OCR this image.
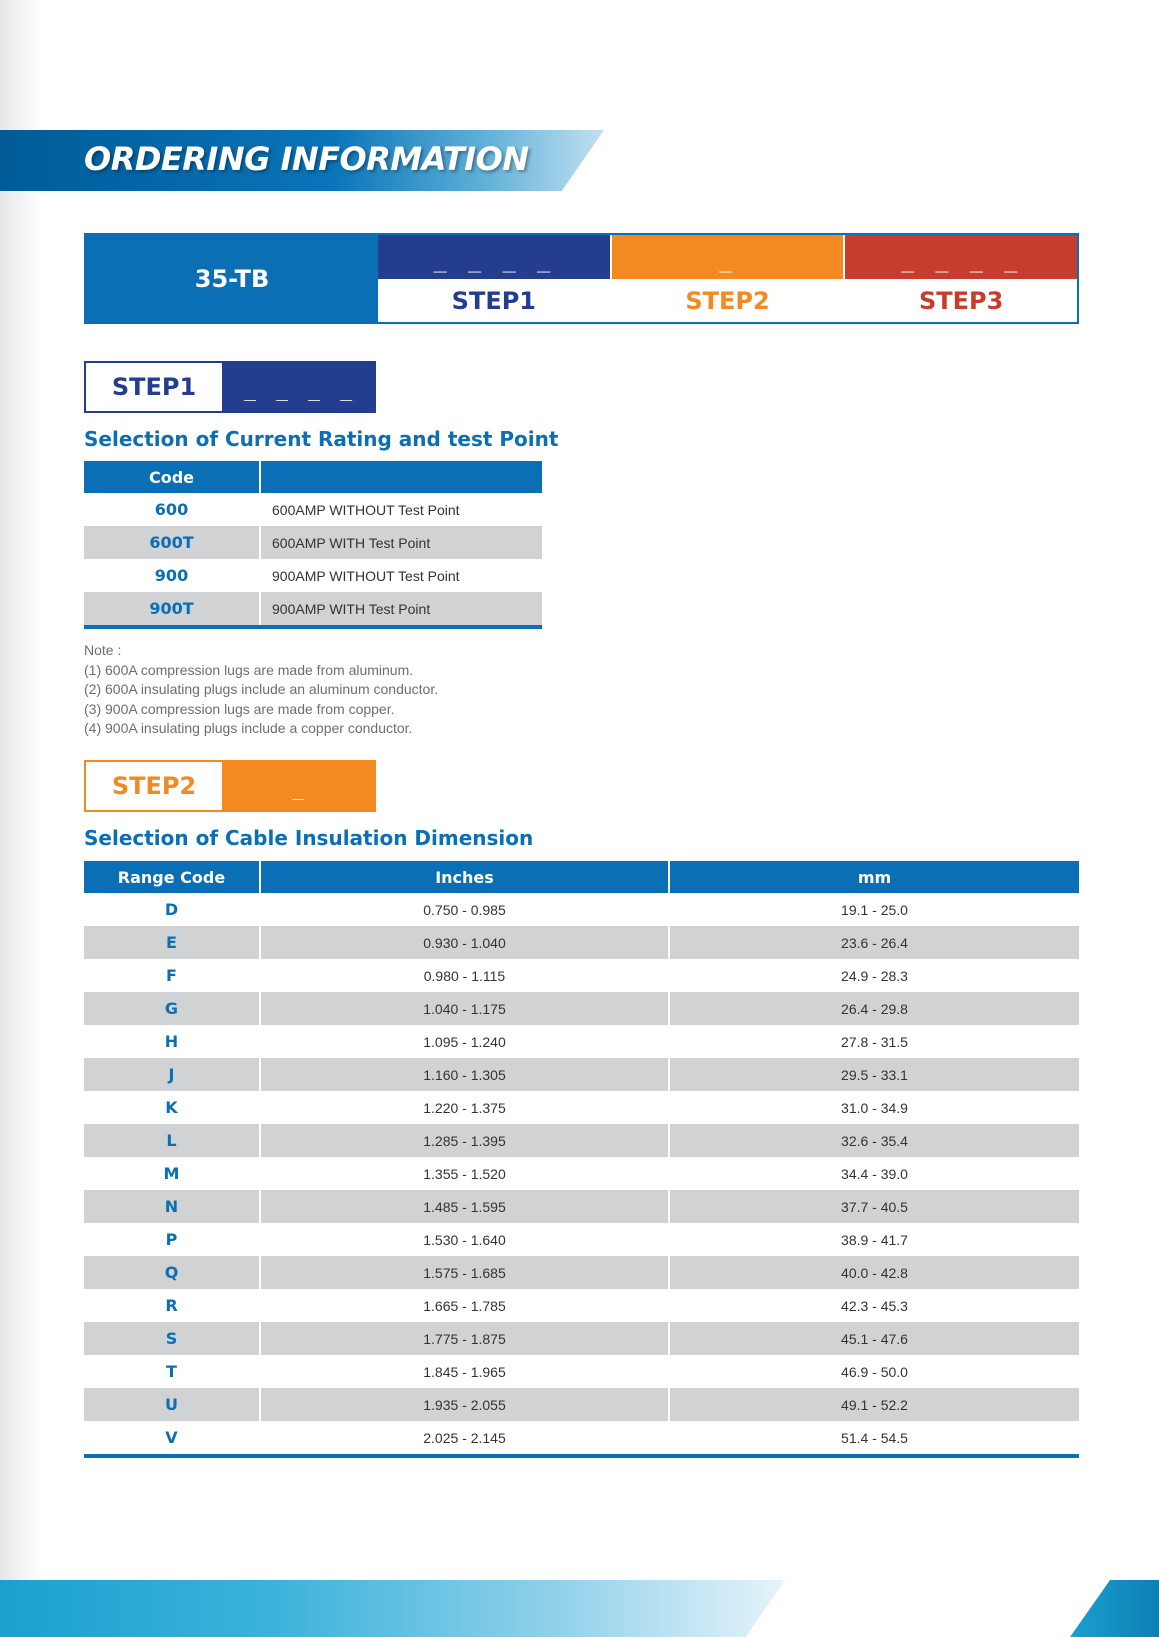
ORDERING INFORMATION
35-TB
_ _ _ _
STEP1
_
STEP2
_ _ _ _
STEP3
STEP1	_ _ _ _
Selection of Current Rating and test Point
Code	
600	600AMP WITHOUT Test Point
600T	600AMP WITH Test Point
900	900AMP WITHOUT Test Point
900T	900AMP WITH Test Point
Note :
(1) 600A compression lugs are made from aluminum.
(2) 600A insulating plugs include an aluminum conductor.
(3) 900A compression lugs are made from copper.
(4) 900A insulating plugs include a copper conductor.
STEP2	_
Selection of Cable Insulation Dimension
Range Code	Inches	mm
D	0.750 - 0.985	19.1 - 25.0
E	0.930 - 1.040	23.6 - 26.4
F	0.980 - 1.115	24.9 - 28.3
G	1.040 - 1.175	26.4 - 29.8
H	1.095 - 1.240	27.8 - 31.5
J	1.160 - 1.305	29.5 - 33.1
K	1.220 - 1.375	31.0 - 34.9
L	1.285 - 1.395	32.6 - 35.4
M	1.355 - 1.520	34.4 - 39.0
N	1.485 - 1.595	37.7 - 40.5
P	1.530 - 1.640	38.9 - 41.7
Q	1.575 - 1.685	40.0 - 42.8
R	1.665 - 1.785	42.3 - 45.3
S	1.775 - 1.875	45.1 - 47.6
T	1.845 - 1.965	46.9 - 50.0
U	1.935 - 2.055	49.1 - 52.2
V	2.025 - 2.145	51.4 - 54.5
